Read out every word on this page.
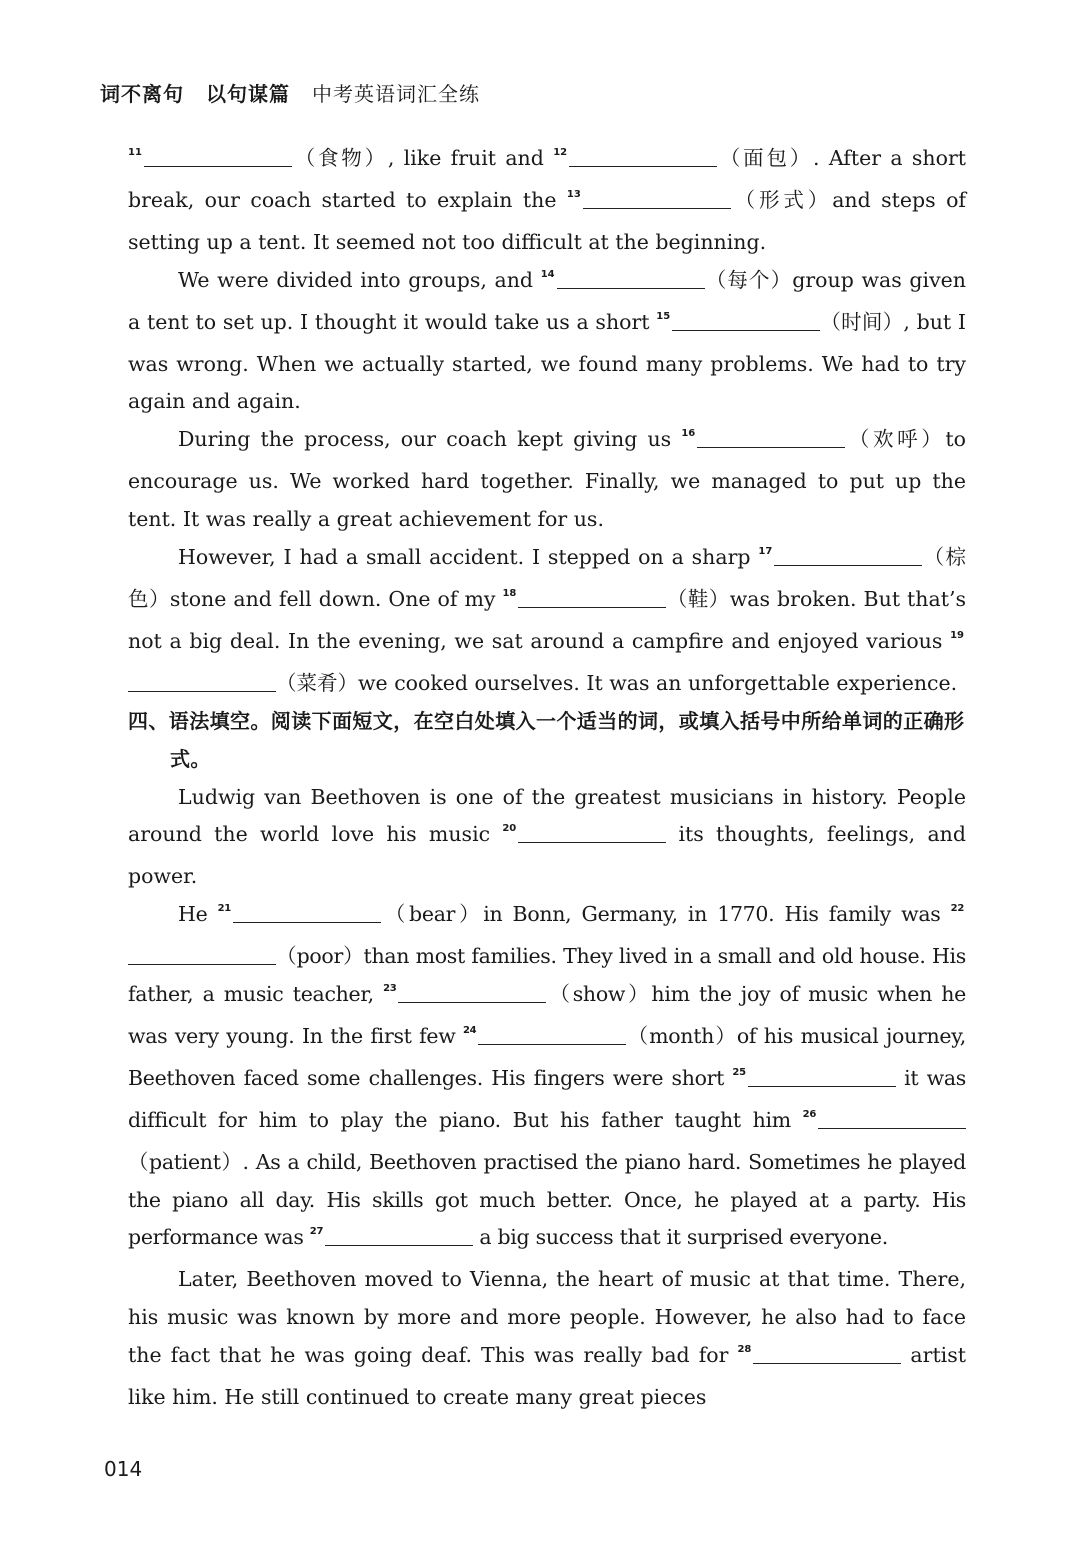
词不离句 以句谋篇 中考英语词汇全练

$^{11}$	（食物）, like fruit and $^{12}$	（面包）. After a short break, our coach started to explain the $^{13}$	（形式）and steps of setting up a tent. It seemed not too difficult at the beginning.

We were divided into groups, and $^{14}$	（每个）group was given a tent to set up. I thought it would take us a short $^{15}$	（时间）, but I was wrong. When we actually started, we found many problems. We had to try again and again.

During the process, our coach kept giving us $^{16}$	（欢呼）to encourage us. We worked hard together. Finally, we managed to put up the tent. It was really a great achievement for us.

However, I had a small accident. I stepped on a sharp $^{17}$	（棕色）stone and fell down. One of my $^{18}$	（鞋）was broken. But that’s not a big deal. In the evening, we sat around a campfire and enjoyed various $^{19}$（菜肴）we cooked ourselves. It was an unforgettable experience.

四、语法填空。阅读下面短文，在空白处填入一个适当的词，或填入括号中所给单词的正确形式。

Ludwig van Beethoven is one of the greatest musicians in history. People around the world love his music $^{20}$	its thoughts, feelings, and power.

He $^{21}$	（bear）in Bonn, Germany, in 1770. His family was $^{22}$（poor）than most families. They lived in a small and old house. His father, a music teacher, $^{23}$	（show）him the joy of music when he was very young. In the first few $^{24}$	（month）of his musical journey, Beethoven faced some challenges. His fingers were short $^{25}$	it was difficult for him to play the piano. But his father taught him $^{26}$（patient）. As a child, Beethoven practised the piano hard. Sometimes he played the piano all day. His skills got much better. Once, he played at a party. His performance was $^{27}$	a big success that it surprised everyone.

Later, Beethoven moved to Vienna, the heart of music at that time. There, his music was known by more and more people. However, he also had to face the fact that he was going deaf. This was really bad for $^{28}$	artist like him. He still continued to create many great pieces

014
